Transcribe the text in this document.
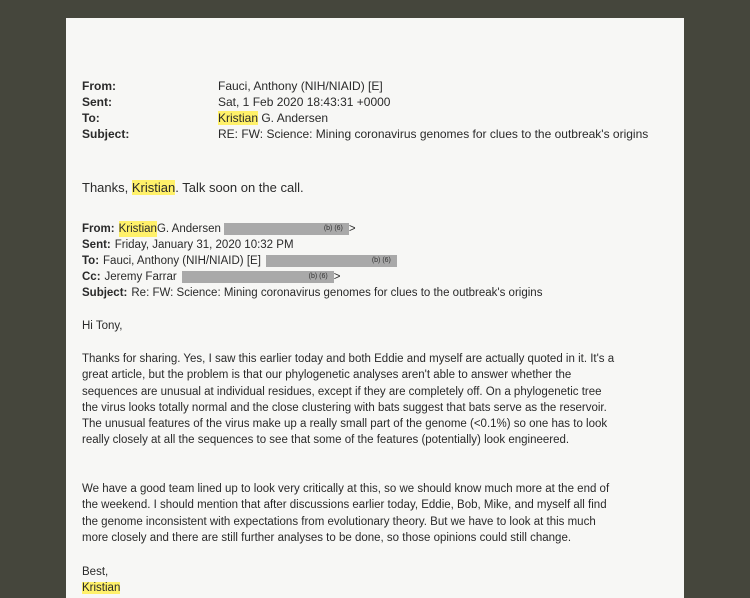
From:	Fauci, Anthony (NIH/NIAID) [E]
Sent:	Sat, 1 Feb 2020 18:43:31 +0000
To:	Kristian G. Andersen
Subject:	RE: FW: Science: Mining coronavirus genomes for clues to the outbreak's origins
Thanks, Kristian. Talk soon on the call.
From: Kristian G. Andersen	(b) (6) >
Sent: Friday, January 31, 2020 10:32 PM
To: Fauci, Anthony (NIH/NIAID) [E]	(b) (6)
Cc: Jeremy Farrar	(b) (6) >
Subject: Re: FW: Science: Mining coronavirus genomes for clues to the outbreak's origins
Hi Tony,
Thanks for sharing. Yes, I saw this earlier today and both Eddie and myself are actually quoted in it. It's a
great article, but the problem is that our phylogenetic analyses aren't able to answer whether the
sequences are unusual at individual residues, except if they are completely off. On a phylogenetic tree
the virus looks totally normal and the close clustering with bats suggest that bats serve as the reservoir.
The unusual features of the virus make up a really small part of the genome (<0.1%) so one has to look
really closely at all the sequences to see that some of the features (potentially) look engineered.
We have a good team lined up to look very critically at this, so we should know much more at the end of
the weekend. I should mention that after discussions earlier today, Eddie, Bob, Mike, and myself all find
the genome inconsistent with expectations from evolutionary theory. But we have to look at this much
more closely and there are still further analyses to be done, so those opinions could still change.
Best,
Kristian
